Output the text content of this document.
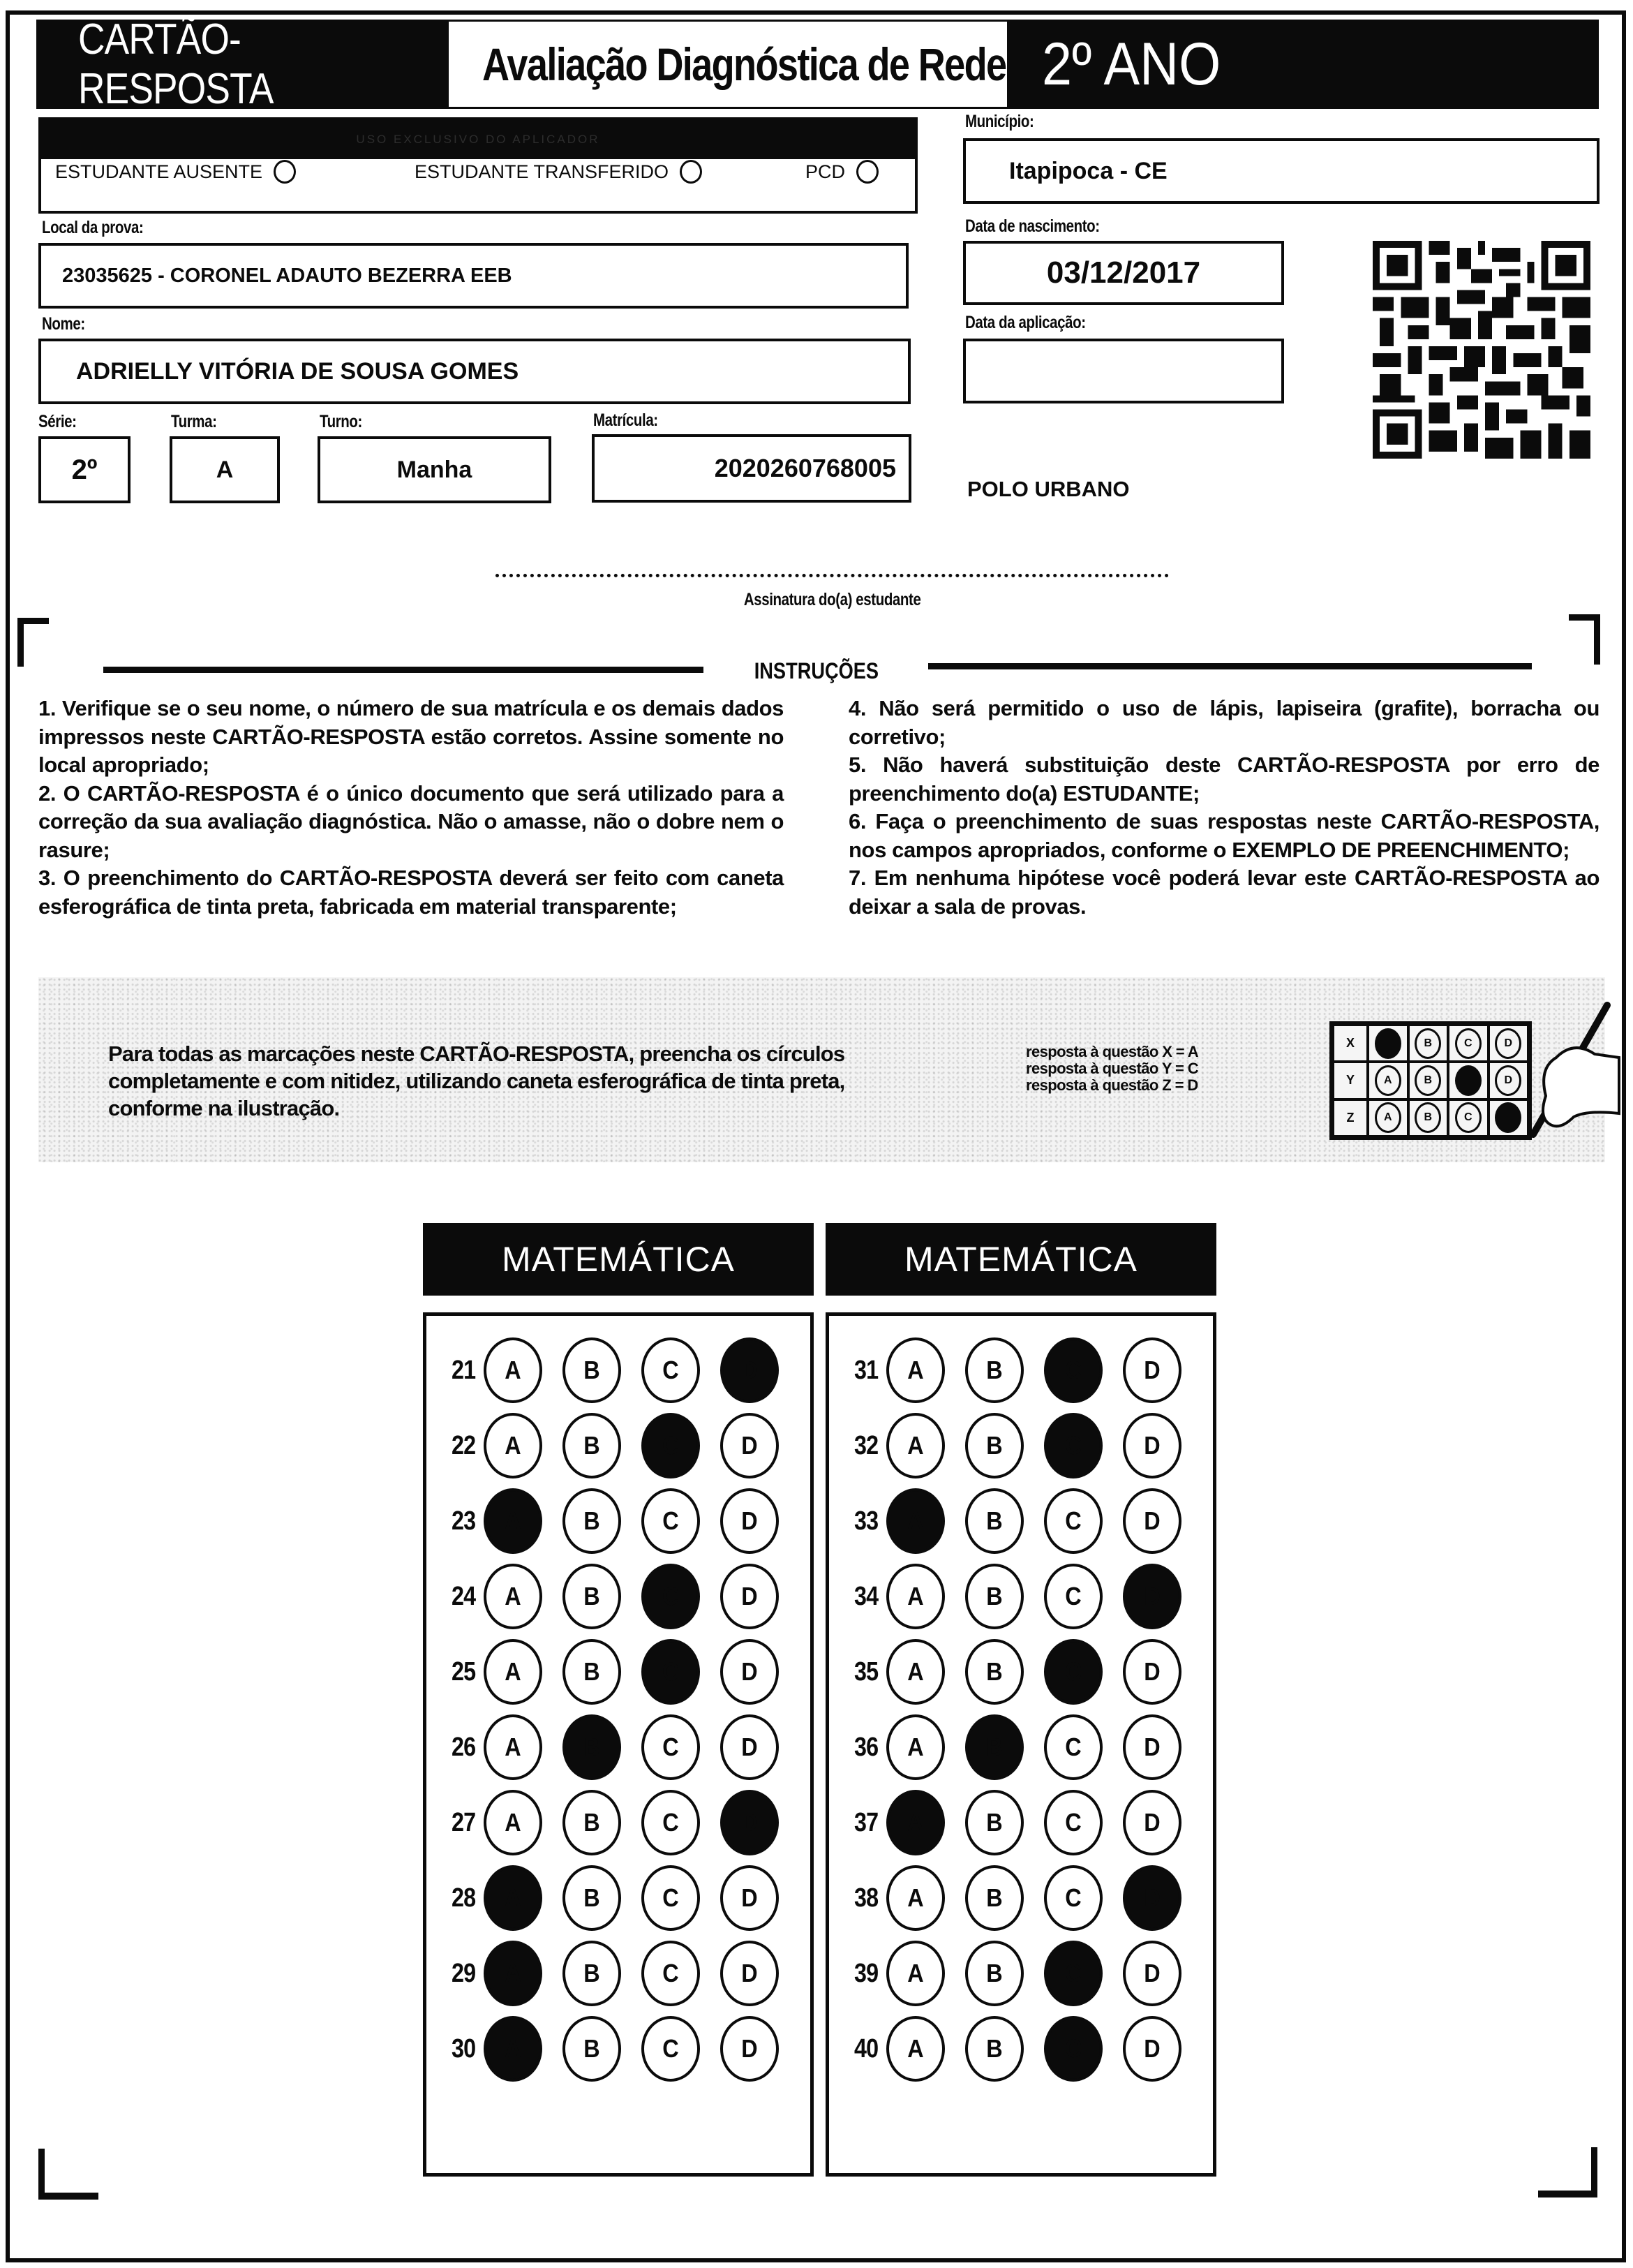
CARTÃO-RESPOSTA	Avaliação Diagnóstica de Rede 2º ANO
USO EXCLUSIVO DO APLICADOR
ESTUDANTE AUSENTE	ESTUDANTE TRANSFERIDO	PCD
Município:
Itapipoca - CE
Local da prova:
23035625 - CORONEL ADAUTO BEZERRA EEB
Data de nascimento:
03/12/2017
Nome:
ADRIELLY VITÓRIA DE SOUSA GOMES
Data da aplicação:
Série:
2º
Turma:
A
Turno:
Manha
Matrícula:
2020260768005
POLO URBANO
Assinatura do(a) estudante
INSTRUÇÕES

1. Verifique se o seu nome, o número de sua matrícula e os demais dados impressos neste CARTÃO-RESPOSTA estão corretos. Assine somente no local apropriado;

2. O CARTÃO-RESPOSTA é o único documento que será utilizado para a correção da sua avaliação diagnóstica. Não o amasse, não o dobre nem o rasure;

3. O preenchimento do CARTÃO-RESPOSTA deverá ser feito com caneta esferográfica de tinta preta, fabricada em material transparente;

4. Não será permitido o uso de lápis, lapiseira (grafite), borracha ou corretivo;

5. Não haverá substituição deste CARTÃO-RESPOSTA por erro de preenchimento do(a) ESTUDANTE;

6. Faça o preenchimento de suas respostas neste CARTÃO-RESPOSTA, nos campos apropriados, conforme o EXEMPLO DE PREENCHIMENTO;

7. Em nenhuma hipótese você poderá levar este CARTÃO-RESPOSTA ao deixar a sala de provas.

Para todas as marcações neste CARTÃO-RESPOSTA, preencha os círculos completamente e com nitidez, utilizando caneta esferográfica de tinta preta, conforme na ilustração.
resposta à questão X = A
resposta à questão Y = C
resposta à questão Z = D
X	B	C	D
Y	A	B	D
Z	A	B	C
MATEMÁTICA	MATEMÁTICA
21 A B C D
22 A B C D
23 A B C D
24 A B C D
25 A B C D
26 A B C D
27 A B C D
28 A B C D
29 A B C D
30 A B C D
31 A B C D
32 A B C D
33 A B C D
34 A B C D
35 A B C D
36 A B C D
37 A B C D
38 A B C D
39 A B C D
40 A B C D
